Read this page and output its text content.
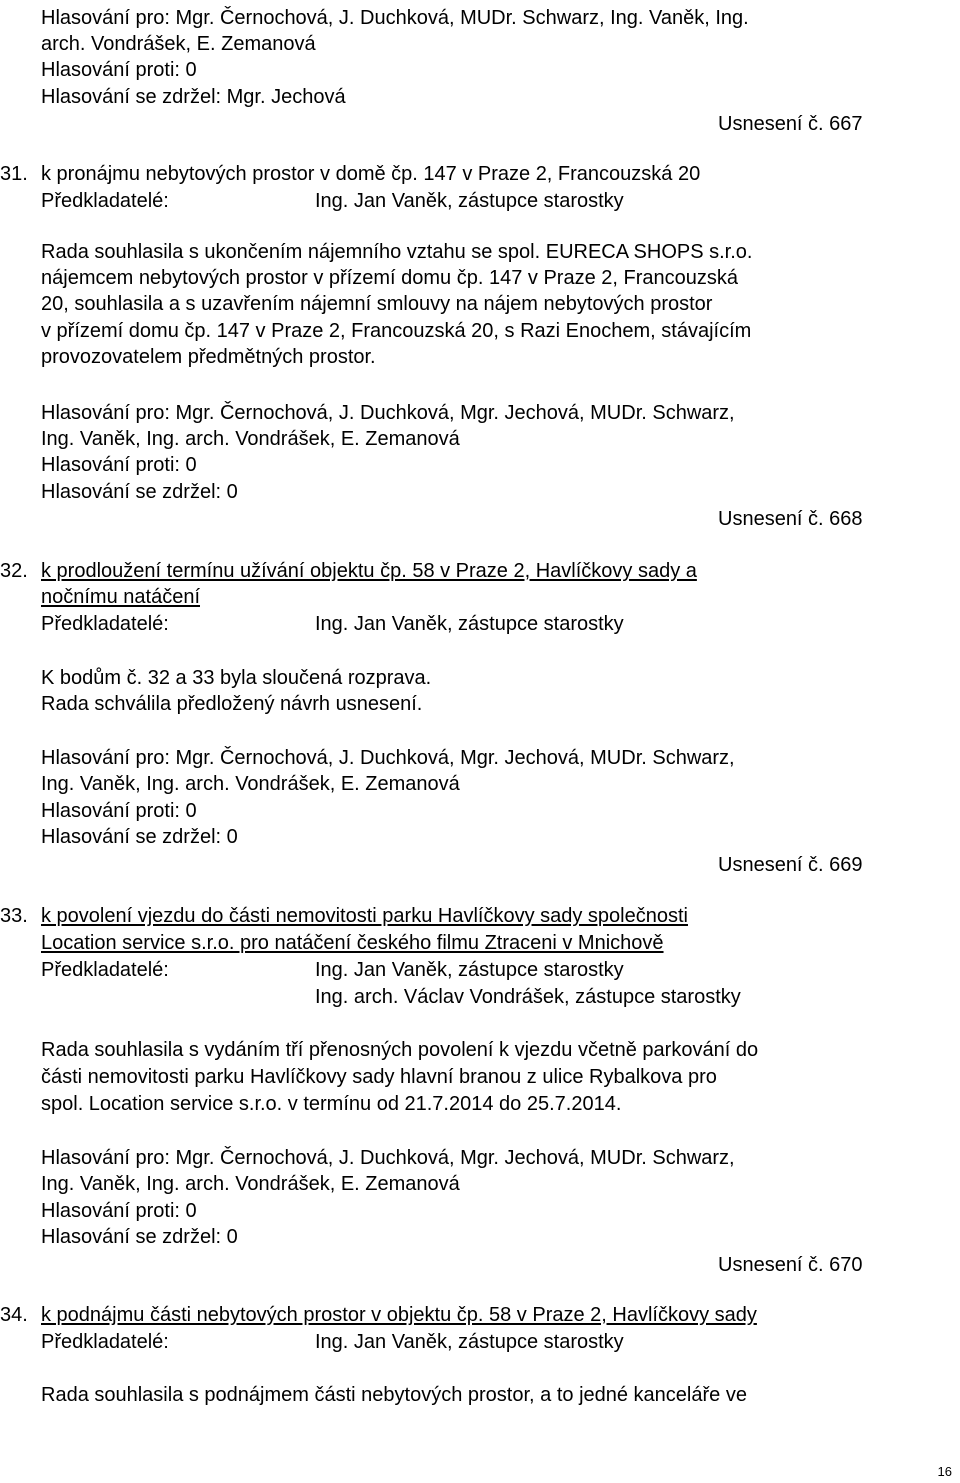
Hlasování pro: Mgr. Černochová, J. Duchková, MUDr. Schwarz, Ing. Vaněk, Ing.
arch. Vondrášek, E. Zemanová
Hlasování proti: 0
Hlasování se zdržel: Mgr. Jechová
Usnesení č. 667
31. k pronájmu nebytových prostor v domě čp. 147 v Praze 2, Francouzská 20
Předkladatelé:	Ing. Jan Vaněk, zástupce starostky
Rada souhlasila s ukončením nájemního vztahu se spol. EURECA SHOPS s.r.o.
nájemcem nebytových prostor v přízemí domu čp. 147 v Praze 2, Francouzská
20, souhlasila a s uzavřením nájemní smlouvy na nájem nebytových prostor
v přízemí domu čp. 147 v Praze 2, Francouzská 20, s Razi Enochem, stávajícím
provozovatelem předmětných prostor.
Hlasování pro: Mgr. Černochová, J. Duchková, Mgr. Jechová, MUDr. Schwarz,
Ing. Vaněk, Ing. arch. Vondrášek, E. Zemanová
Hlasování proti: 0
Hlasování se zdržel: 0
Usnesení č. 668
32. k prodloužení termínu užívání objektu čp. 58 v Praze 2, Havlíčkovy sady a
nočnímu natáčení
Předkladatelé:	Ing. Jan Vaněk, zástupce starostky
K bodům č. 32 a 33 byla sloučená rozprava.
Rada schválila předložený návrh usnesení.
Hlasování pro: Mgr. Černochová, J. Duchková, Mgr. Jechová, MUDr. Schwarz,
Ing. Vaněk, Ing. arch. Vondrášek, E. Zemanová
Hlasování proti: 0
Hlasování se zdržel: 0
Usnesení č. 669
33. k povolení vjezdu do části nemovitosti parku Havlíčkovy sady společnosti
Location service s.r.o. pro natáčení českého filmu Ztraceni v Mnichově
Předkladatelé:	Ing. Jan Vaněk, zástupce starostky
Ing. arch. Václav Vondrášek, zástupce starostky
Rada souhlasila s vydáním tří přenosných povolení k vjezdu včetně parkování do
části nemovitosti parku Havlíčkovy sady hlavní branou z ulice Rybalkova pro
spol. Location service s.r.o. v termínu od 21.7.2014 do 25.7.2014.
Hlasování pro: Mgr. Černochová, J. Duchková, Mgr. Jechová, MUDr. Schwarz,
Ing. Vaněk, Ing. arch. Vondrášek, E. Zemanová
Hlasování proti: 0
Hlasování se zdržel: 0
Usnesení č. 670
34. k podnájmu části nebytových prostor v objektu čp. 58 v Praze 2, Havlíčkovy sady
Předkladatelé:	Ing. Jan Vaněk, zástupce starostky
Rada souhlasila s podnájmem části nebytových prostor, a to jedné kanceláře ve
16
